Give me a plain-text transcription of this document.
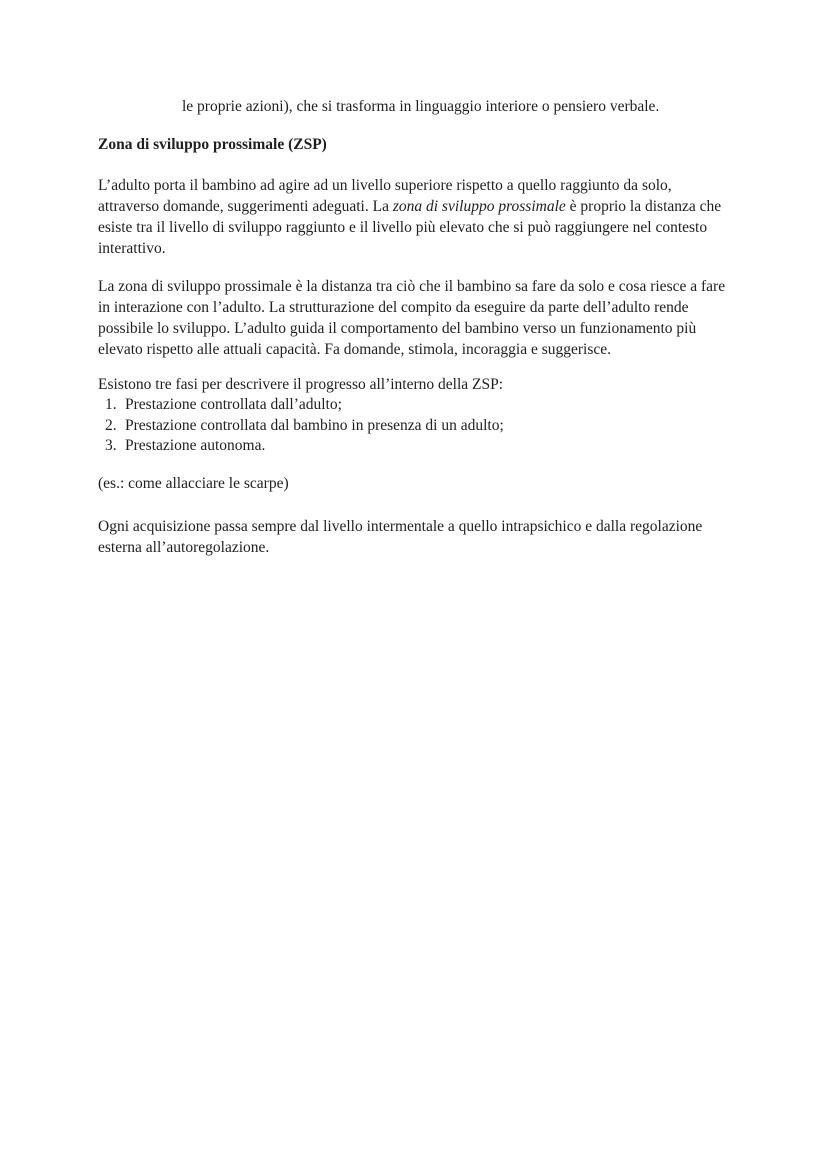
le proprie azioni), che si trasforma in linguaggio interiore o pensiero verbale.

Zona di sviluppo prossimale (ZSP)

L’adulto porta il bambino ad agire ad un livello superiore rispetto a quello raggiunto da solo, attraverso domande, suggerimenti adeguati. La zona di sviluppo prossimale è proprio la distanza che esiste tra il livello di sviluppo raggiunto e il livello più elevato che si può raggiungere nel contesto interattivo.

La zona di sviluppo prossimale è la distanza tra ciò che il bambino sa fare da solo e cosa riesce a fare in interazione con l’adulto. La strutturazione del compito da eseguire da parte dell’adulto rende possibile lo sviluppo. L’adulto guida il comportamento del bambino verso un funzionamento più elevato rispetto alle attuali capacità. Fa domande, stimola, incoraggia e suggerisce.

Esistono tre fasi per descrivere il progresso all’interno della ZSP:

1. Prestazione controllata dall’adulto;
2. Prestazione controllata dal bambino in presenza di un adulto;
3. Prestazione autonoma.

(es.: come allacciare le scarpe)

Ogni acquisizione passa sempre dal livello intermentale a quello intrapsichico e dalla regolazione esterna all’autoregolazione.
